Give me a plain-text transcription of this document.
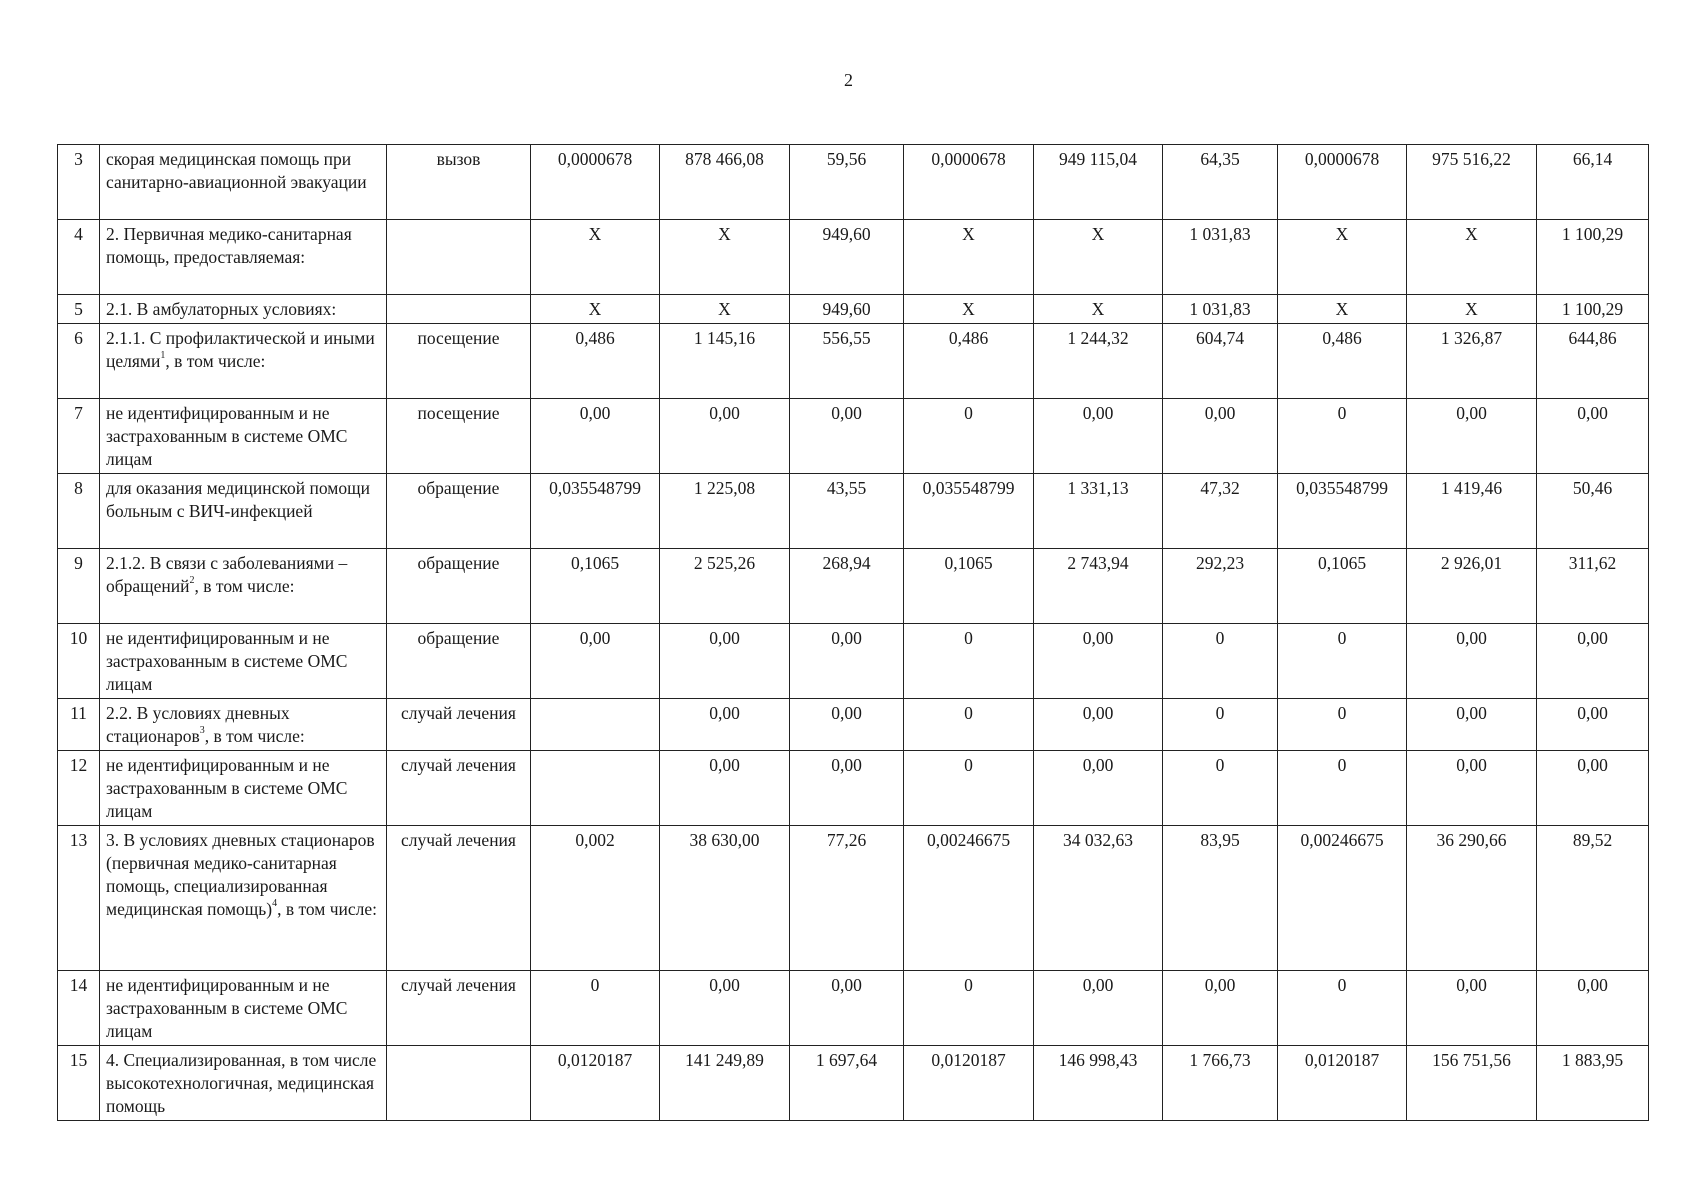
2
3	скорая медицинская помощь при санитарно-авиационной эвакуации	вызов	0,0000678	878 466,08	59,56	0,0000678	949 115,04	64,35	0,0000678	975 516,22	66,14
4	2. Первичная медико-санитарная помощь, предоставляемая:		X	X	949,60	X	X	1 031,83	X	X	1 100,29
5	2.1. В амбулаторных условиях:		X	X	949,60	X	X	1 031,83	X	X	1 100,29
6	2.1.1. С профилактической и иными целями$^1$, в том числе:	посещение	0,486	1 145,16	556,55	0,486	1 244,32	604,74	0,486	1 326,87	644,86
7	не идентифицированным и не застрахованным в системе ОМС лицам	посещение	0,00	0,00	0,00	0	0,00	0,00	0	0,00	0,00
8	для оказания медицинской помощи больным с ВИЧ-инфекцией	обращение	0,035548799	1 225,08	43,55	0,035548799	1 331,13	47,32	0,035548799	1 419,46	50,46
9	2.1.2. В связи с заболеваниями – обращений$^2$, в том числе:	обращение	0,1065	2 525,26	268,94	0,1065	2 743,94	292,23	0,1065	2 926,01	311,62
10	не идентифицированным и не застрахованным в системе ОМС лицам	обращение	0,00	0,00	0,00	0	0,00	0	0	0,00	0,00
11	2.2. В условиях дневных стационаров$^3$, в том числе:	случай лечения		0,00	0,00	0	0,00	0	0	0,00	0,00
12	не идентифицированным и не застрахованным в системе ОМС лицам	случай лечения		0,00	0,00	0	0,00	0	0	0,00	0,00
13	3. В условиях дневных стационаров (первичная медико-санитарная помощь, специализированная медицинская помощь)$^4$, в том числе:	случай лечения	0,002	38 630,00	77,26	0,00246675	34 032,63	83,95	0,00246675	36 290,66	89,52
14	не идентифицированным и не застрахованным в системе ОМС лицам	случай лечения	0	0,00	0,00	0	0,00	0,00	0	0,00	0,00
15	4. Специализированная, в том числе высокотехнологичная, медицинская помощь		0,0120187	141 249,89	1 697,64	0,0120187	146 998,43	1 766,73	0,0120187	156 751,56	1 883,95
